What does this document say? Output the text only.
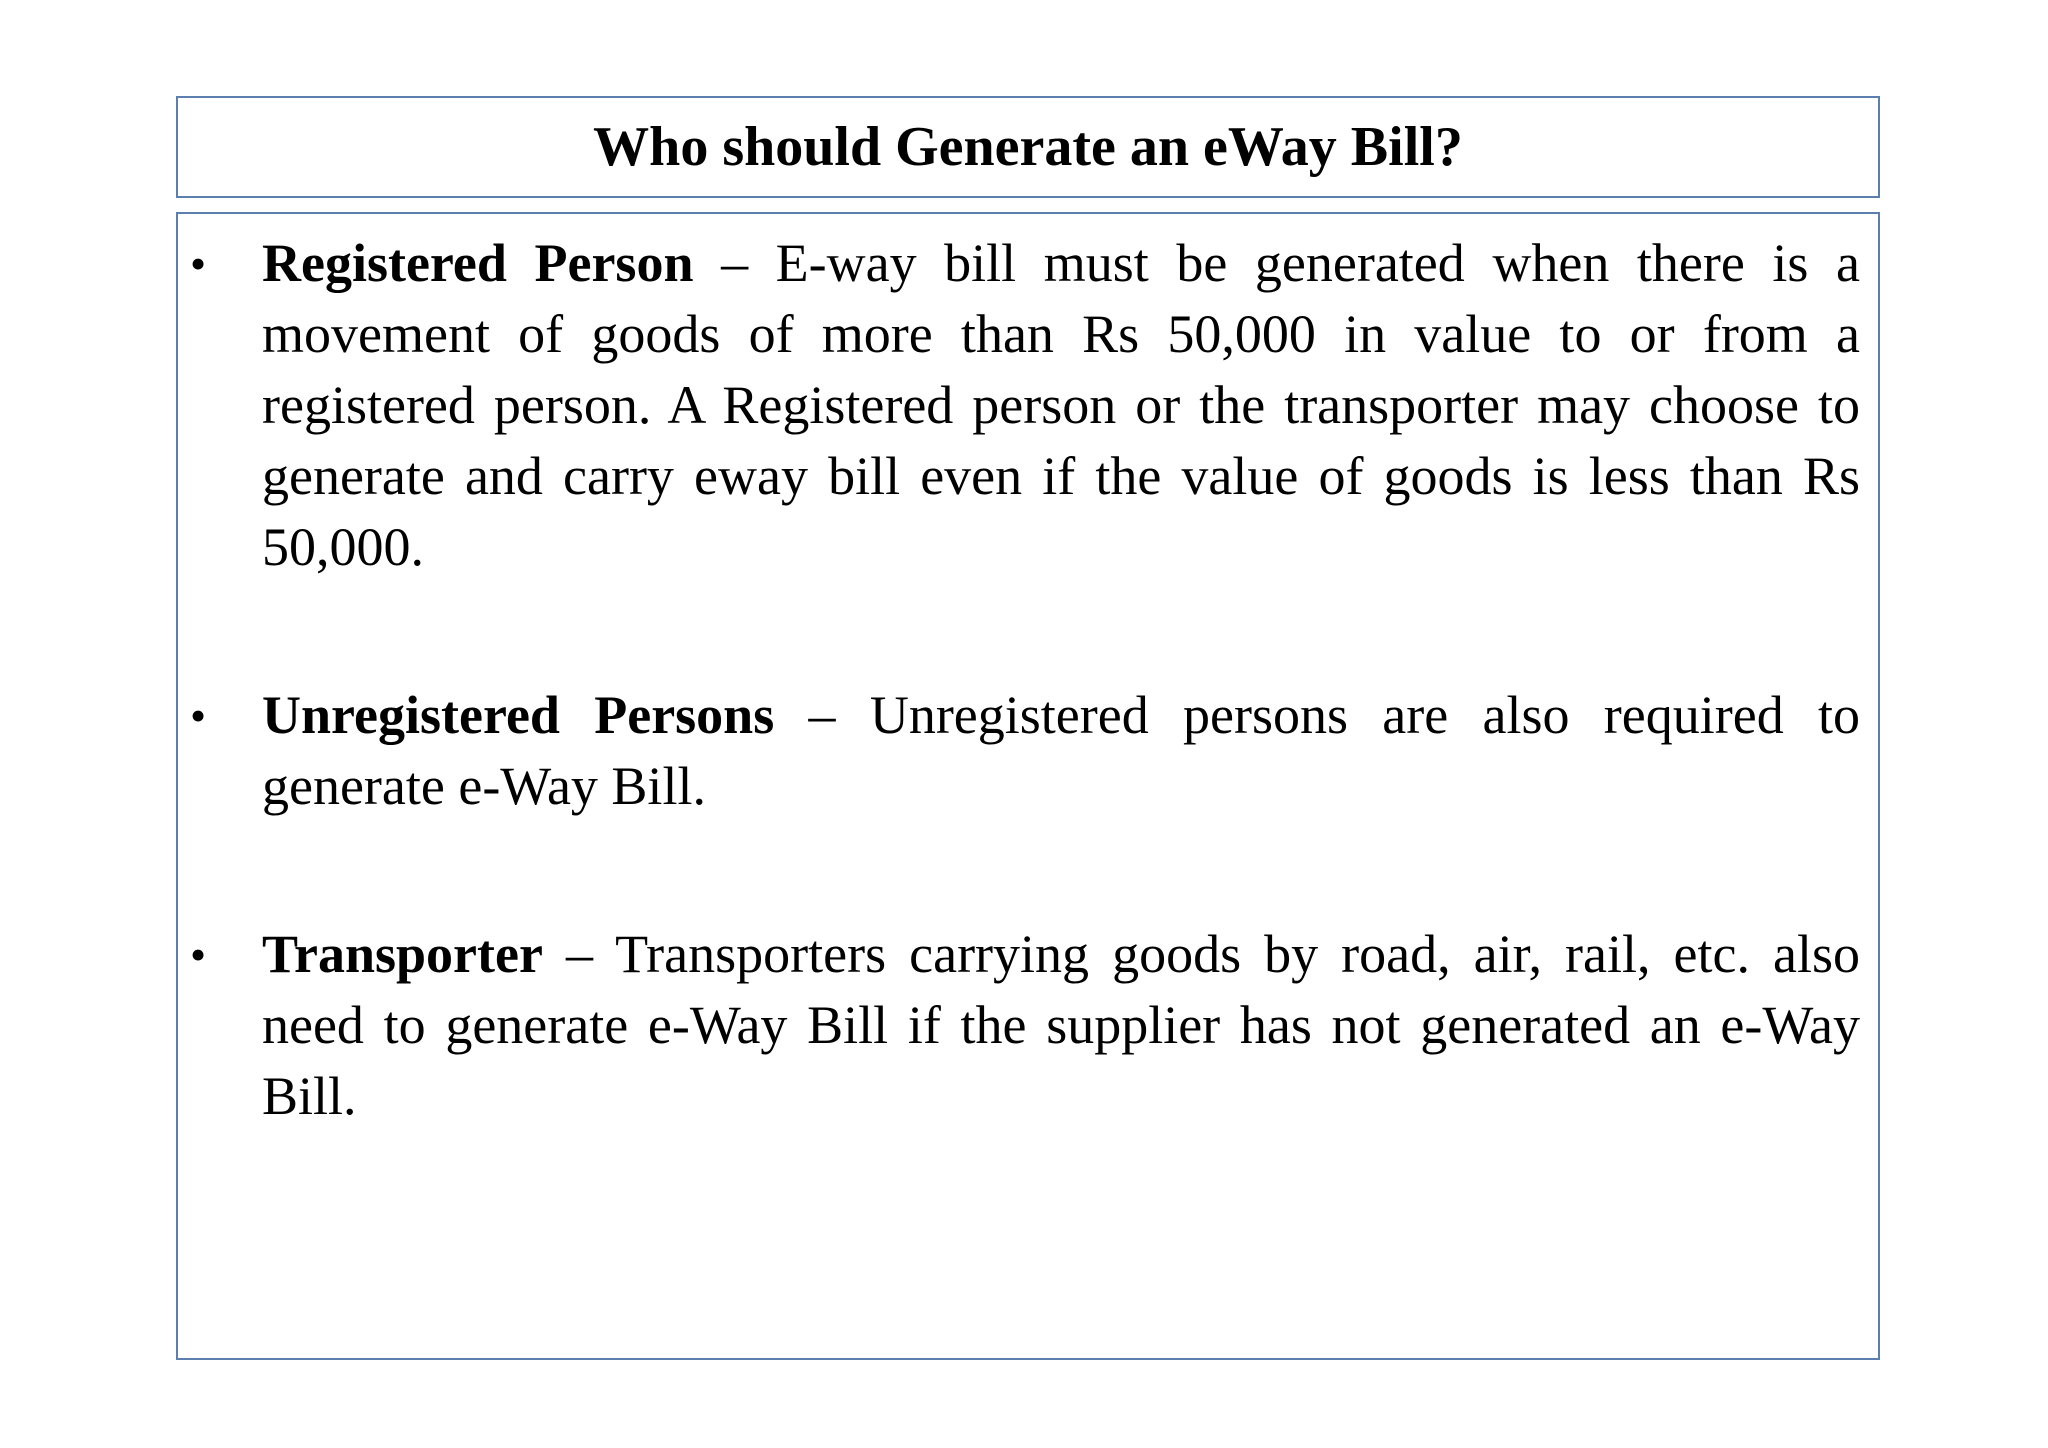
Who should Generate an eWay Bill?
• Registered Person – E-way bill must be generated when there is a movement of goods of more than Rs 50,000 in value to or from a registered person. A Registered person or the transporter may choose to generate and carry eway bill even if the value of goods is less than Rs 50,000.
• Unregistered Persons – Unregistered persons are also required to generate e-Way Bill.
• Transporter – Transporters carrying goods by road, air, rail, etc. also need to generate e-Way Bill if the supplier has not generated an e-Way Bill.
